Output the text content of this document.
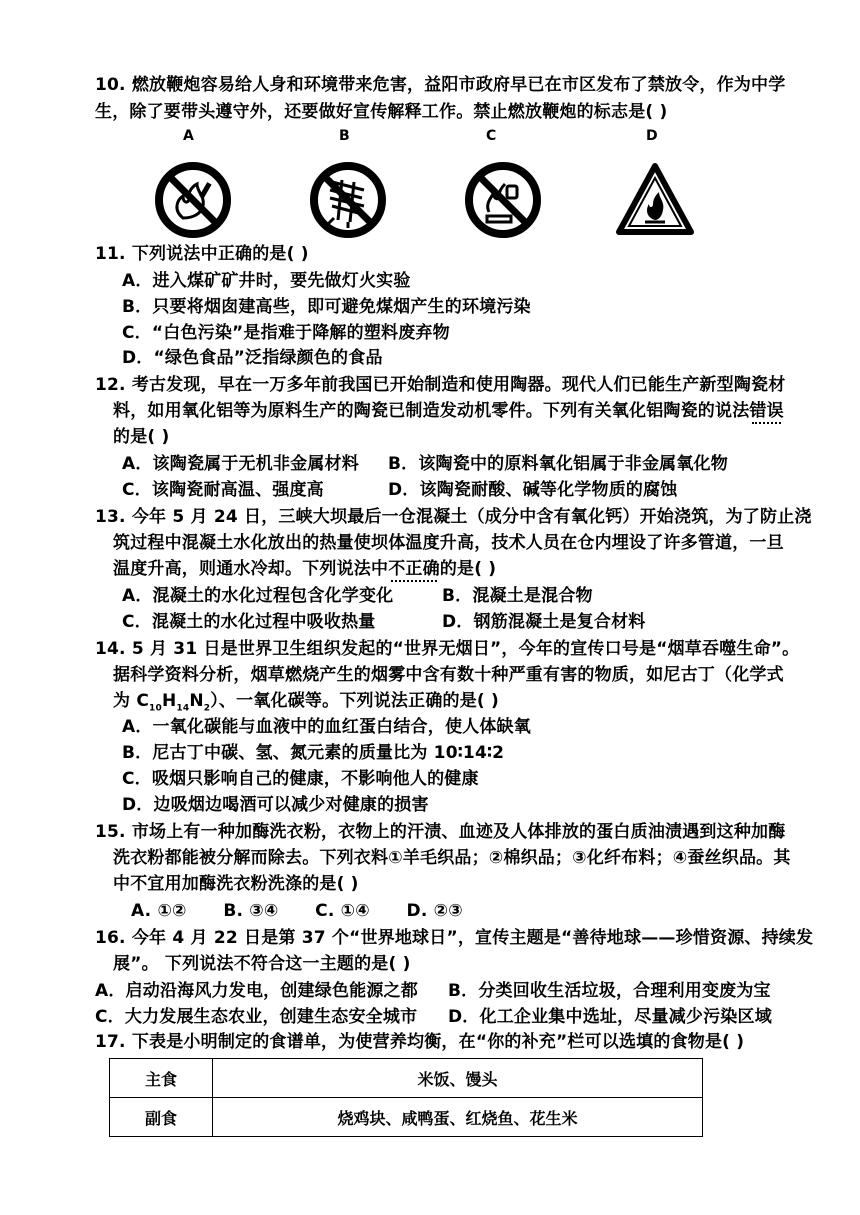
10. 燃放鞭炮容易给人身和环境带来危害，益阳市政府早已在市区发布了禁放令，作为中学
生，除了要带头遵守外，还要做好宣传解释工作。禁止燃放鞭炮的标志是( )
A	B	C	D
11. 下列说法中正确的是( )
A．进入煤矿矿井时，要先做灯火实验
B．只要将烟囱建高些，即可避免煤烟产生的环境污染
C．“白色污染”是指难于降解的塑料废弃物
D．“绿色食品”泛指绿颜色的食品
12. 考古发现，早在一万多年前我国已开始制造和使用陶器。现代人们已能生产新型陶瓷材
料，如用氧化铝等为原料生产的陶瓷已制造发动机零件。下列有关氧化铝陶瓷的说法错误
的是( )
A．该陶瓷属于无机非金属材料 B．该陶瓷中的原料氧化铝属于非金属氧化物
C．该陶瓷耐高温、强度高	D．该陶瓷耐酸、碱等化学物质的腐蚀
13. 今年 5 月 24 日，三峡大坝最后一仓混凝土（成分中含有氧化钙）开始浇筑，为了防止浇
筑过程中混凝土水化放出的热量使坝体温度升高，技术人员在仓内埋设了许多管道，一旦
温度升高，则通水冷却。下列说法中不正确的是( )
A．混凝土的水化过程包含化学变化	B．混凝土是混合物
C．混凝土的水化过程中吸收热量	D．钢筋混凝土是复合材料
14. 5 月 31 日是世界卫生组织发起的“世界无烟日”，今年的宣传口号是“烟草吞噬生命”。
据科学资料分析，烟草燃烧产生的烟雾中含有数十种严重有害的物质，如尼古丁（化学式
为 $C_{10}H_{14}N_2$）、一氧化碳等。下列说法正确的是( )
A．一氧化碳能与血液中的血红蛋白结合，使人体缺氧
B．尼古丁中碳、氢、氮元素的质量比为 10∶14∶2
C．吸烟只影响自己的健康，不影响他人的健康
D．边吸烟边喝酒可以减少对健康的损害
15. 市场上有一种加酶洗衣粉，衣物上的汗渍、血迹及人体排放的蛋白质油渍遇到这种加酶
洗衣粉都能被分解而除去。下列衣料①羊毛织品；②棉织品；③化纤布料；④蚕丝织品。其
中不宜用加酶洗衣粉洗涤的是( )
A. ①②      B. ③④      C. ①④      D. ②③
16. 今年 4 月 22 日是第 37 个“世界地球日”，宣传主题是“善待地球——珍惜资源、持续发
展”。 下列说法不符合这一主题的是( )
A．启动沿海风力发电，创建绿色能源之都 B．分类回收生活垃圾，合理利用变废为宝
C．大力发展生态农业，创建生态安全城市 D．化工企业集中选址，尽量减少污染区域
17. 下表是小明制定的食谱单，为使营养均衡，在“你的补充”栏可以选填的食物是( )
主食	米饭、馒头
副食	烧鸡块、咸鸭蛋、红烧鱼、花生米
